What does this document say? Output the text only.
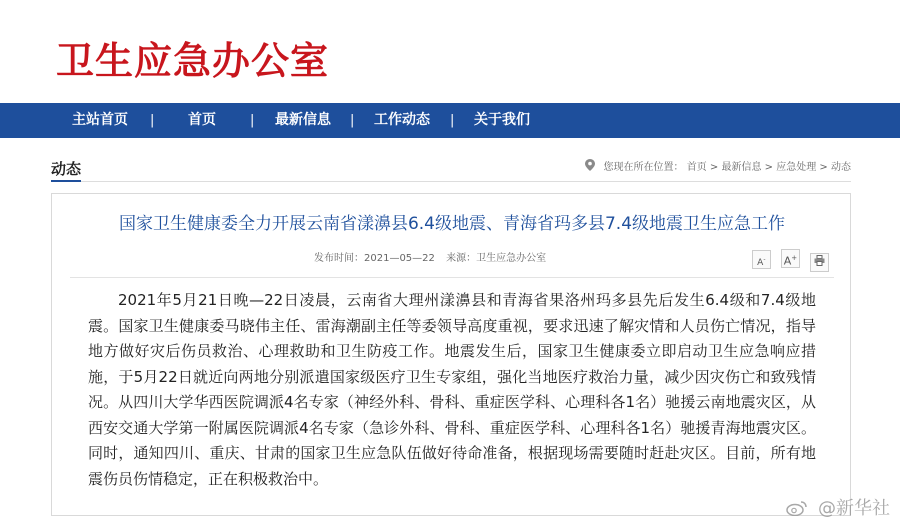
卫生应急办公室
主站首页 | 首页	| 最新信息 | 工作动态 | 关于我们
动态	您现在所在位置： 首页 > 最新信息 > 应急处理 > 动态
国家卫生健康委全力开展云南省漾濞县6.4级地震、青海省玛多县7.4级地震卫生应急工作
发布时间：2021—05—22 来源：卫生应急办公室	A- A+

2021年5月21日晚—22日凌晨，云南省大理州漾濞县和青海省果洛州玛多县先后发生6.4级和7.4级地震。国家卫生健康委马晓伟主任、雷海潮副主任等委领导高度重视，要求迅速了解灾情和人员伤亡情况，指导地方做好灾后伤员救治、心理救助和卫生防疫工作。地震发生后，国家卫生健康委立即启动卫生应急响应措施，于5月22日就近向两地分别派遣国家级医疗卫生专家组，强化当地医疗救治力量，减少因灾伤亡和致残情况。从四川大学华西医院调派4名专家（神经外科、骨科、重症医学科、心理科各1名）驰援云南地震灾区，从西安交通大学第一附属医院调派4名专家（急诊外科、骨科、重症医学科、心理科各1名）驰援青海地震灾区。同时，通知四川、重庆、甘肃的国家卫生应急队伍做好待命准备，根据现场需要随时赶赴灾区。目前，所有地震伤员伤情稳定，正在积极救治中。

@新华社
